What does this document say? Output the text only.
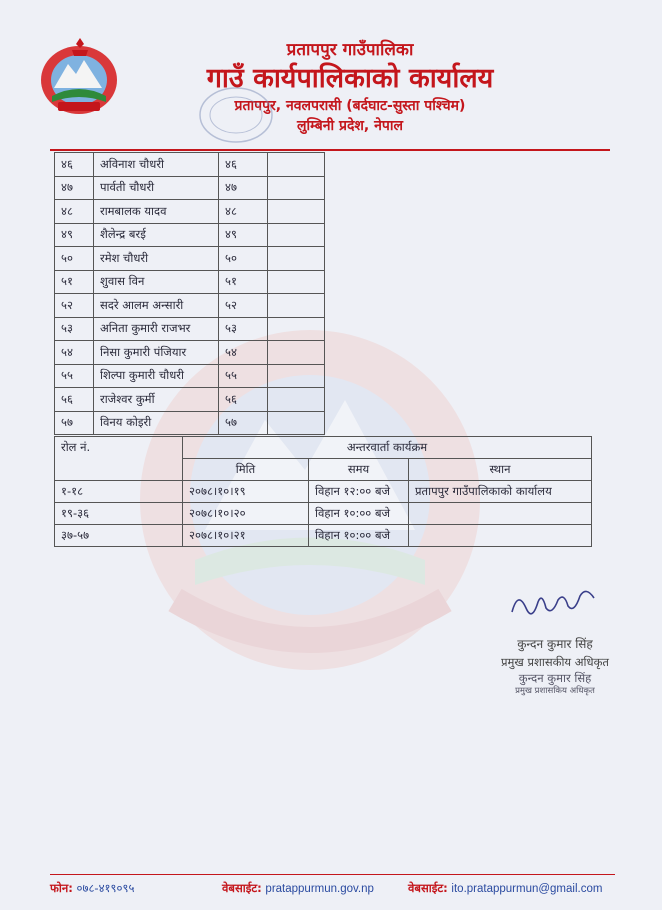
प्रतापपुर गाउँपालिका
गाउँ कार्यपालिकाको कार्यालय
प्रतापपुर, नवलपरासी (बर्दघाट-सुस्ता पश्चिम)
लुम्बिनी प्रदेश, नेपाल
४६	अविनाश चौधरी	४६	
४७	पार्वती चौधरी	४७	
४८	रामबालक यादव	४८	
४९	शैलेन्द्र बरई	४९	
५०	रमेश चौधरी	५०	
५१	शुवास विन	५१	
५२	सदरे आलम अन्सारी	५२	
५३	अनिता कुमारी राजभर	५३	
५४	निसा कुमारी पंजियार	५४	
५५	शिल्पा कुमारी चौधरी	५५	
५६	राजेश्वर कुर्मी	५६	
५७	विनय कोइरी	५७	
रोल नं.	अन्तरवार्ता कार्यक्रम		
	मिति	समय	स्थान
१-१८	२०७८।१०।१९	विहान १२:०० बजे	प्रतापपुर गाउँपालिकाको कार्यालय
१९-३६	२०७८।१०।२०	विहान १०:०० बजे	
३७-५७	२०७८।१०।२१	विहान १०:०० बजे	
कुन्दन कुमार सिंह
प्रमुख प्रशासकीय अधिकृत
कुन्दन कुमार सिंह
प्रमुख प्रशासकिय अधिकृत
फोन: ०७८-४१९०९५	वेबसाईट: pratappurmun.gov.np	वेबसाईट: ito.pratappurmun@gmail.com
